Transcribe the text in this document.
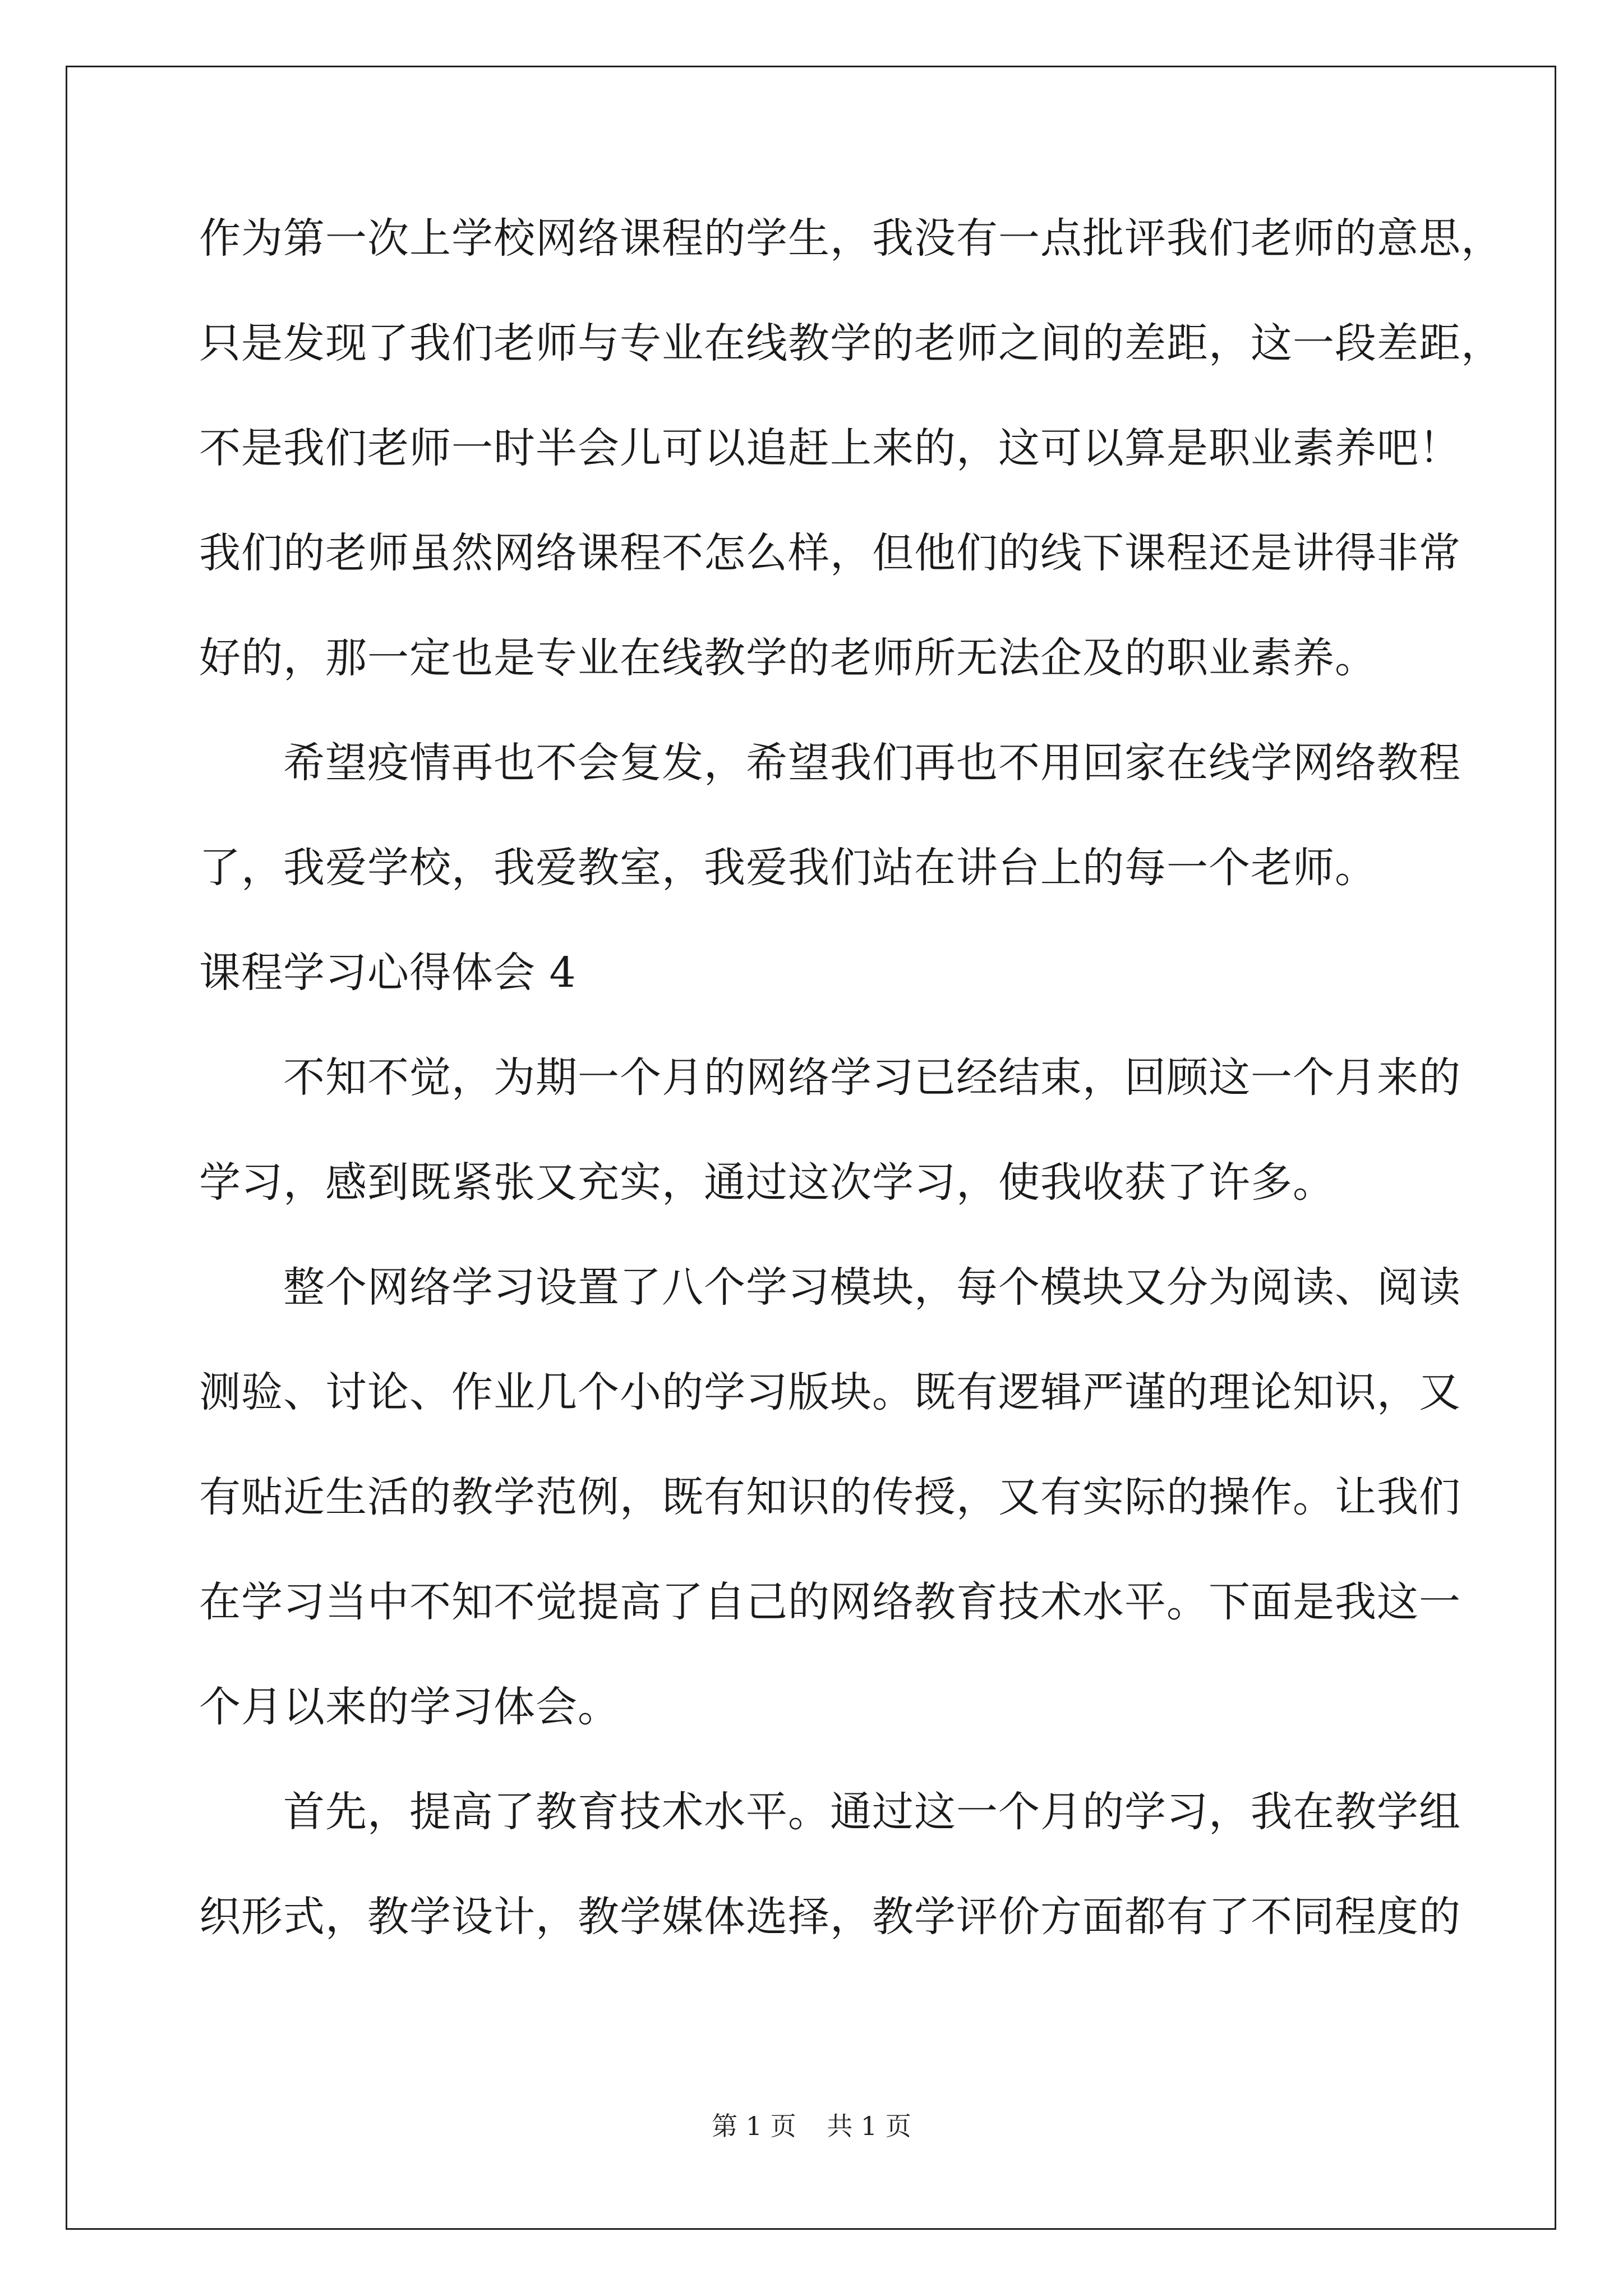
作为第一次上学校网络课程的学生，我没有一点批评我们老师的意思，
只是发现了我们老师与专业在线教学的老师之间的差距，这一段差距，
不是我们老师一时半会儿可以追赶上来的，这可以算是职业素养吧！
我们的老师虽然网络课程不怎么样，但他们的线下课程还是讲得非常
好的，那一定也是专业在线教学的老师所无法企及的职业素养。
　　希望疫情再也不会复发，希望我们再也不用回家在线学网络教程
了，我爱学校，我爱教室，我爱我们站在讲台上的每一个老师。
课程学习心得体会 4
　　不知不觉，为期一个月的网络学习已经结束，回顾这一个月来的
学习，感到既紧张又充实，通过这次学习，使我收获了许多。
　　整个网络学习设置了八个学习模块，每个模块又分为阅读、阅读
测验、讨论、作业几个小的学习版块。既有逻辑严谨的理论知识，又
有贴近生活的教学范例，既有知识的传授，又有实际的操作。让我们
在学习当中不知不觉提高了自己的网络教育技术水平。下面是我这一
个月以来的学习体会。
　　首先，提高了教育技术水平。通过这一个月的学习，我在教学组
织形式，教学设计，教学媒体选择，教学评价方面都有了不同程度的
第 1 页 共 1 页
